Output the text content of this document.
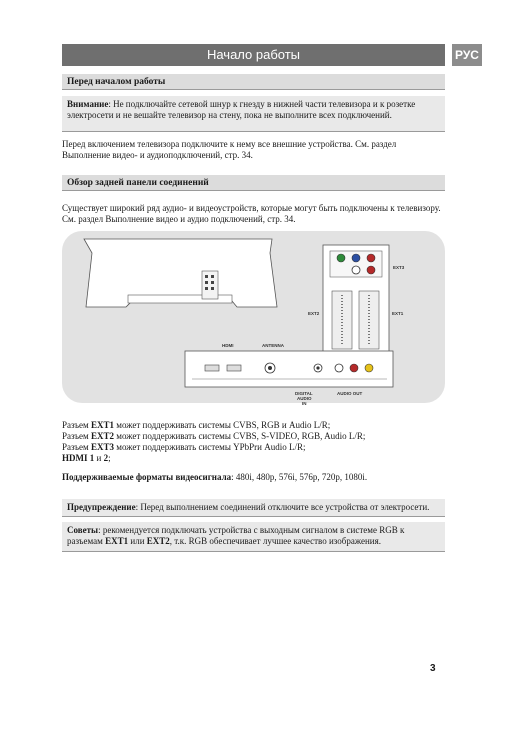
Начало работы	РУС
Перед началом работы
Внимание: Не подключайте сетевой шнур к гнезду в нижней части телевизора и к розетке электросети и не вешайте телевизор на стену, пока не выполните всех подключений.
Перед включением телевизора подключите к нему все внешние устройства. См. раздел Выполнение видео- и аудиоподключений, стр. 34.
Обзор задней панели соединений
Существует широкий ряд аудио- и видеоустройств, которые могут быть подключены к телевизору. См. раздел Выполнение видео и аудио подключений, стр. 34.
EXT3
EXT2	EXT1
HDMI	ANTENNA
DIGITAL
AUDIO
IN
AUDIO OUT
Разъем EXT1 может поддерживать системы CVBS, RGB и Audio L/R;
Разъем EXT2 может поддерживать системы CVBS, S-VIDEO, RGB, Audio L/R;
Разъем EXT3 может поддерживать системы YPbPrи Audio L/R;
HDMI 1 и 2;
Поддерживаемые форматы видеосигнала: 480i, 480p, 576i, 576p, 720p, 1080i.
Предупреждение: Перед выполнением соединений отключите все устройства от электросети.
Советы: рекомендуется подключать устройства с выходным сигналом в системе RGB к разъемам EXT1 или EXT2, т.к. RGB обеспечивает лучшее качество изображения.
3
